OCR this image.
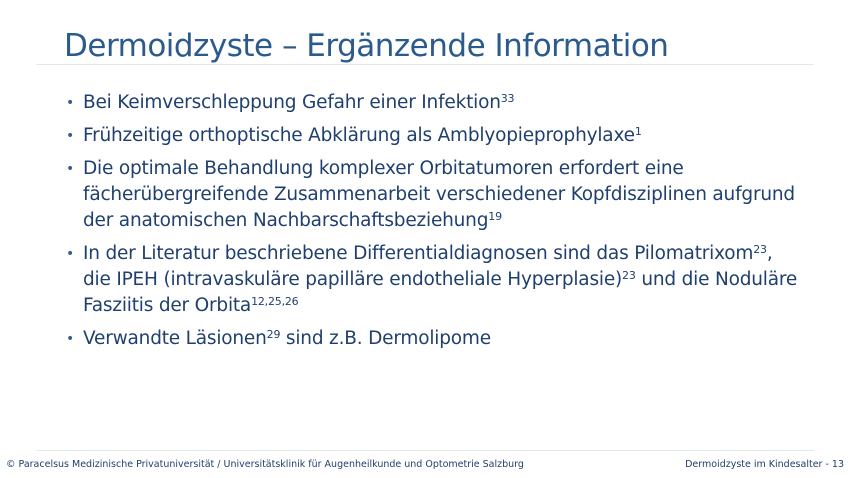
Dermoidzyste – Ergänzende Information
• Bei Keimverschleppung Gefahr einer Infektion$^{33}$
• Frühzeitige orthoptische Abklärung als Amblyopieprophylaxe$^1$
• Die optimale Behandlung komplexer Orbitatumoren erfordert eine fächerübergreifende Zusammenarbeit verschiedener Kopfdisziplinen aufgrund der anatomischen Nachbarschaftsbeziehung$^{19}$
• In der Literatur beschriebene Differentialdiagnosen sind das Pilomatrixom$^{23}$, die IPEH (intravaskuläre papilläre endotheliale Hyperplasie)$^{23}$ und die Noduläre Fasziitis der Orbita$^{12,25,26}$
• Verwandte Läsionen$^{29}$ sind z.B. Dermolipome
© Paracelsus Medizinische Privatuniversität / Universitätsklinik für Augenheilkunde und Optometrie Salzburg	Dermoidzyste im Kindesalter - 13
